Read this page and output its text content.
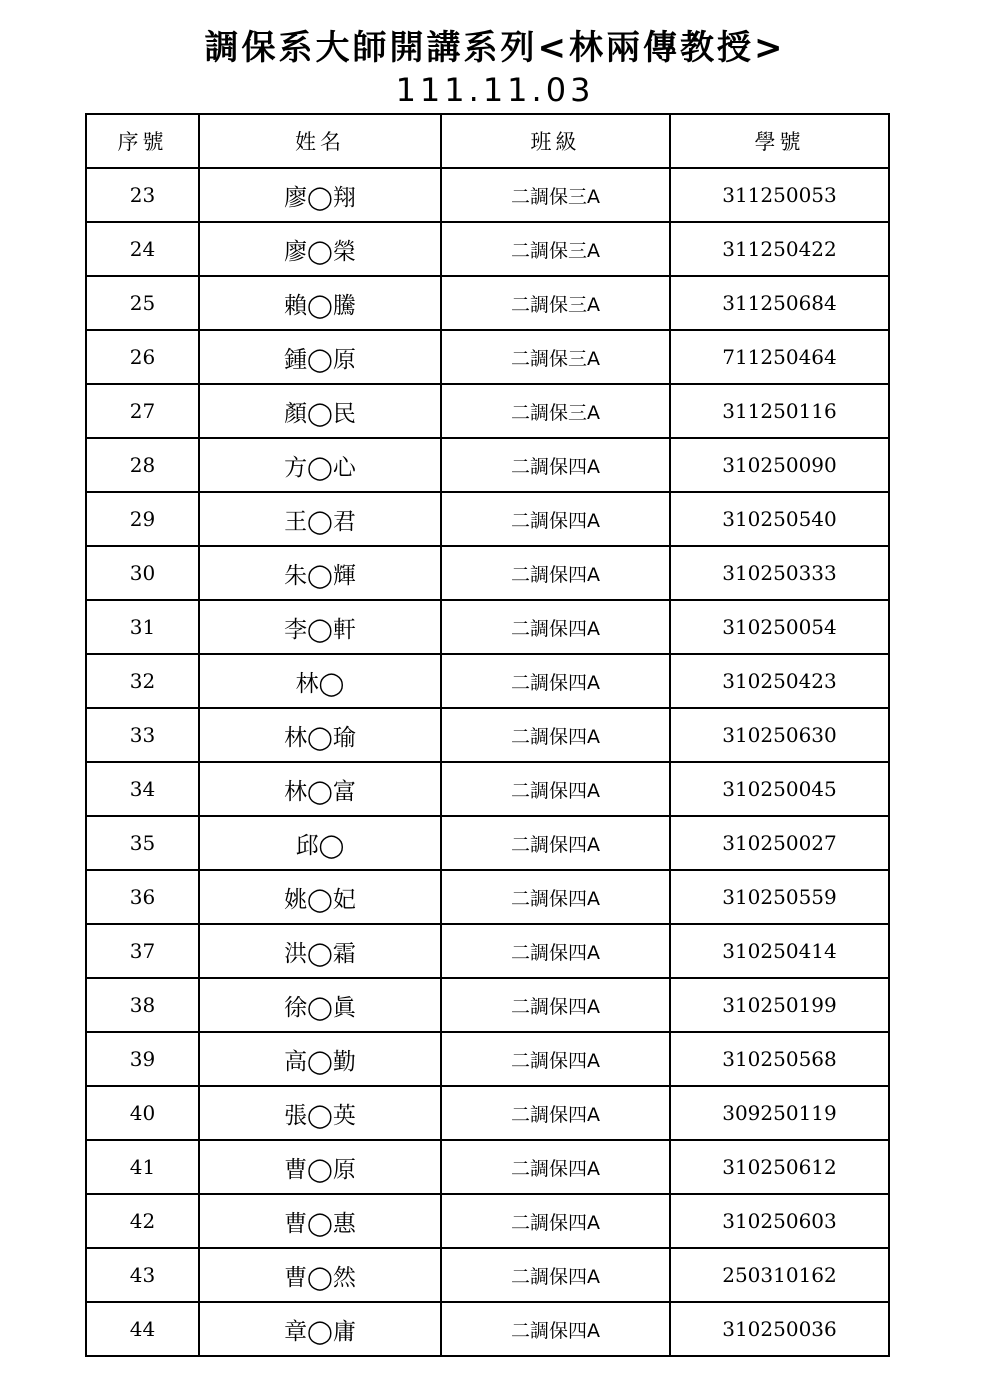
調保系大師開講系列<林兩傳教授>
111.11.03
序號	姓名	班級	學號
23	廖◯翔	二調保三A	311250053
24	廖◯榮	二調保三A	311250422
25	賴◯騰	二調保三A	311250684
26	鍾◯原	二調保三A	711250464
27	顏◯民	二調保三A	311250116
28	方◯心	二調保四A	310250090
29	王◯君	二調保四A	310250540
30	朱◯輝	二調保四A	310250333
31	李◯軒	二調保四A	310250054
32	林◯	二調保四A	310250423
33	林◯瑜	二調保四A	310250630
34	林◯富	二調保四A	310250045
35	邱◯	二調保四A	310250027
36	姚◯妃	二調保四A	310250559
37	洪◯霜	二調保四A	310250414
38	徐◯眞	二調保四A	310250199
39	高◯勤	二調保四A	310250568
40	張◯英	二調保四A	309250119
41	曹◯原	二調保四A	310250612
42	曹◯惠	二調保四A	310250603
43	曹◯然	二調保四A	250310162
44	章◯庸	二調保四A	310250036
